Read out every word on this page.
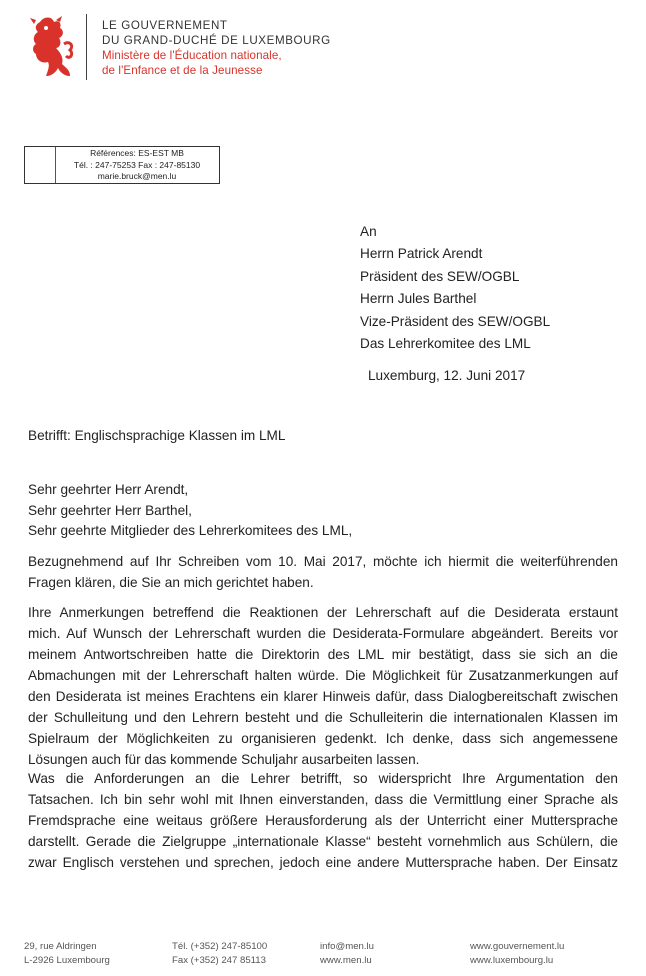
LE GOUVERNEMENT
DU GRAND-DUCHÉ DE LUXEMBOURG
Ministère de l'Éducation nationale,
de l'Enfance et de la Jeunesse
Références: ES-EST MB
Tél. : 247-75253 Fax : 247-85130
marie.bruck@men.lu
An
Herrn Patrick Arendt
Präsident des SEW/OGBL
Herrn Jules Barthel
Vize-Präsident des SEW/OGBL
Das Lehrerkomitee des LML
Luxemburg, 12. Juni 2017
Betrifft: Englischsprachige Klassen im LML
Sehr geehrter Herr Arendt,
Sehr geehrter Herr Barthel,
Sehr geehrte Mitglieder des Lehrerkomitees des LML,
Bezugnehmend auf Ihr Schreiben vom 10. Mai 2017, möchte ich hiermit die weiterführenden
Fragen klären, die Sie an mich gerichtet haben.
Ihre Anmerkungen betreffend die Reaktionen der Lehrerschaft auf die Desiderata erstaunt
mich. Auf Wunsch der Lehrerschaft wurden die Desiderata-Formulare abgeändert. Bereits vor
meinem Antwortschreiben hatte die Direktorin des LML mir bestätigt, dass sie sich an die
Abmachungen mit der Lehrerschaft halten würde. Die Möglichkeit für Zusatzanmerkungen auf
den Desiderata ist meines Erachtens ein klarer Hinweis dafür, dass Dialogbereitschaft zwischen
der Schulleitung und den Lehrern besteht und die Schulleiterin die internationalen Klassen im
Spielraum der Möglichkeiten zu organisieren gedenkt. Ich denke, dass sich angemessene
Lösungen auch für das kommende Schuljahr ausarbeiten lassen.
Was die Anforderungen an die Lehrer betrifft, so widerspricht Ihre Argumentation den
Tatsachen. Ich bin sehr wohl mit Ihnen einverstanden, dass die Vermittlung einer Sprache als
Fremdsprache eine weitaus größere Herausforderung als der Unterricht einer Muttersprache
darstellt. Gerade die Zielgruppe „internationale Klasse“ besteht vornehmlich aus Schülern, die
zwar Englisch verstehen und sprechen, jedoch eine andere Muttersprache haben. Der Einsatz
29, rue Aldringen
L-2926 Luxembourg
Tél. (+352) 247-85100
Fax (+352) 247 85113
info@men.lu
www.men.lu
www.gouvernement.lu
www.luxembourg.lu
